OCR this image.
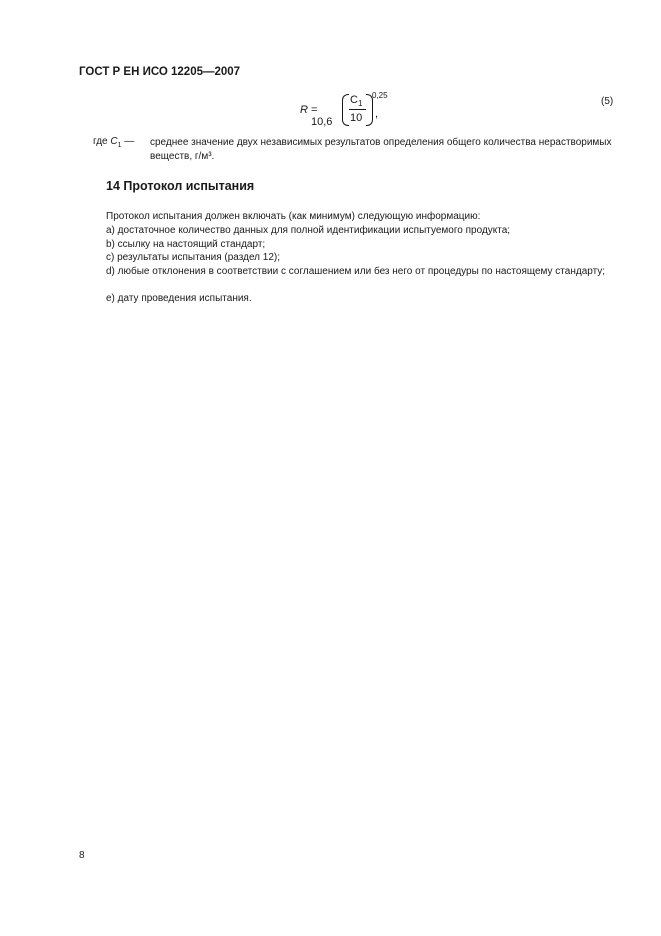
ГОСТ Р ЕН ИСО 12205—2007
R = 10,6
$C_1$
10
0,25
,
(5)
где $C_1$ — среднее значение двух независимых результатов определения общего количества нерастворимых веществ, г/м³.
14 Протокол испытания
Протокол испытания должен включать (как минимум) следующую информацию:
a) достаточное количество данных для полной идентификации испытуемого продукта;
b) ссылку на настоящий стандарт;
c) результаты испытания (раздел 12);
d) любые отклонения в соответствии с соглашением или без него от процедуры по настоящему стандарту;
e) дату проведения испытания.
8
